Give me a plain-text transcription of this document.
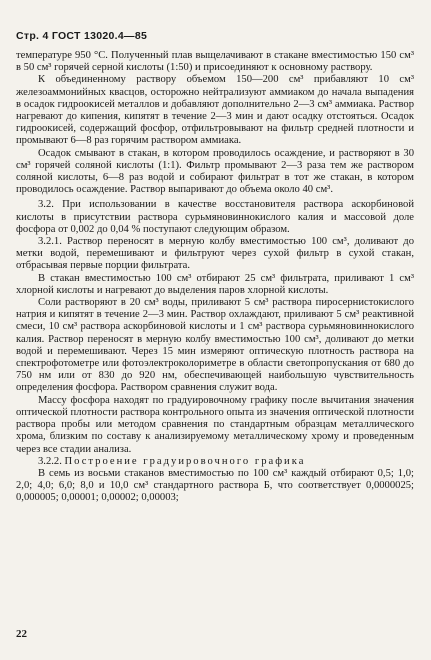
Стр. 4 ГОСТ 13020.4—85

температуре 950 °С. Полученный плав выщелачивают в стакане вместимостью 150 см³ в 50 см³ горячей серной кислоты (1:50) и присоединяют к основному раствору.

К объединенному раствору объемом 150—200 см³ прибавляют 10 см³ железоаммонийных квасцов, осторожно нейтрализуют аммиаком до начала выпадения в осадок гидроокисей металлов и добавляют дополнительно 2—3 см³ аммиака. Раствор нагревают до кипения, кипятят в течение 2—3 мин и дают осадку отстояться. Осадок гидроокисей, содержащий фосфор, отфильтровывают на фильтр средней плотности и промывают 6—8 раз горячим раствором аммиака.

Осадок смывают в стакан, в котором проводилось осаждение, и растворяют в 30 см³ горячей соляной кислоты (1:1). Фильтр промывают 2—3 раза тем же раствором соляной кислоты, 6—8 раз водой и собирают фильтрат в тот же стакан, в котором проводилось осаждение. Раствор выпаривают до объема около 40 см³.

3.2. При использовании в качестве восстановителя раствора аскорбиновой кислоты в присутствии раствора сурьмяновиннокислого калия и массовой доле фосфора от 0,002 до 0,04 % поступают следующим образом.

3.2.1. Раствор переносят в мерную колбу вместимостью 100 см³, доливают до метки водой, перемешивают и фильтруют через сухой фильтр в сухой стакан, отбрасывая первые порции фильтрата.

В стакан вместимостью 100 см³ отбирают 25 см³ фильтрата, приливают 1 см³ хлорной кислоты и нагревают до выделения паров хлорной кислоты.

Соли растворяют в 20 см³ воды, приливают 5 см³ раствора пиросернистокислого натрия и кипятят в течение 2—3 мин. Раствор охлаждают, приливают 5 см³ реактивной смеси, 10 см³ раствора аскорбиновой кислоты и 1 см³ раствора сурьмяновиннокислого калия. Раствор переносят в мерную колбу вместимостью 100 см³, доливают до метки водой и перемешивают. Через 15 мин измеряют оптическую плотность раствора на спектрофотометре или фотоэлектроколориметре в области светопропускания от 680 до 750 нм или от 830 до 920 нм, обеспечивающей наибольшую чувствительность определения фосфора. Раствором сравнения служит вода.

Массу фосфора находят по градуировочному графику после вычитания значения оптической плотности раствора контрольного опыта из значения оптической плотности раствора пробы или методом сравнения по стандартным образцам металлического хрома, близким по составу к анализируемому металлическому хрому и проведенным через все стадии анализа.

3.2.2. Построение градуировочного графика

В семь из восьми стаканов вместимостью по 100 см³ каждый отбирают 0,5; 1,0; 2,0; 4,0; 6,0; 8,0 и 10,0 см³ стандартного раствора Б, что соответствует 0,0000025; 0,000005; 0,00001; 0,00002; 0,00003;

22
